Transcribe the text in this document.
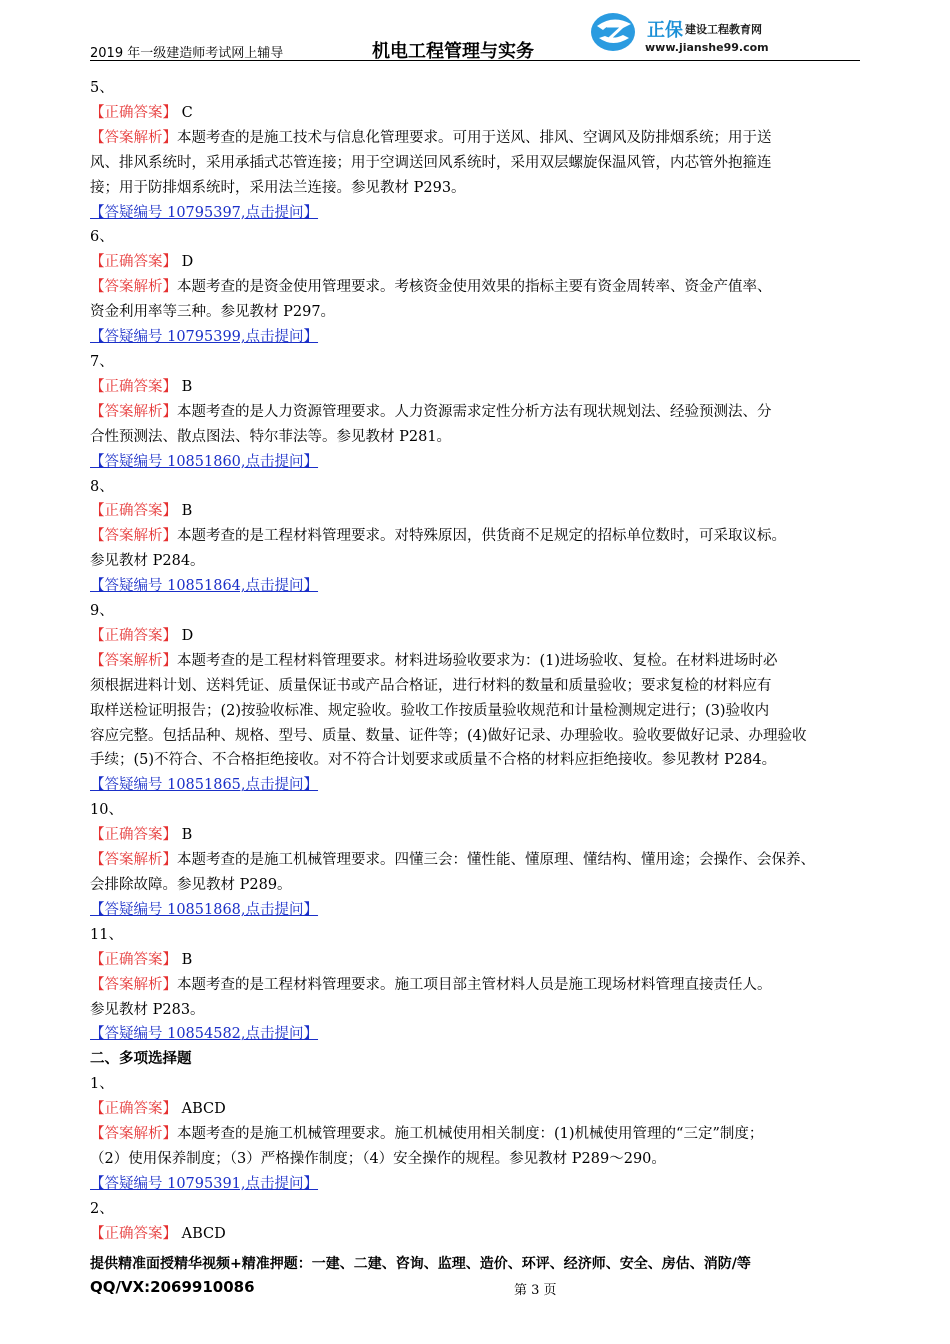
2019 年一级建造师考试网上辅导	机电工程管理与实务
正保 建设工程教育网
www.jianshe99.com
5、
【正确答案】 C
【答案解析】本题考查的是施工技术与信息化管理要求。可用于送风、排风、空调风及防排烟系统；用于送
风、排风系统时，采用承插式芯管连接；用于空调送回风系统时，采用双层螺旋保温风管，内芯管外抱箍连
接；用于防排烟系统时，采用法兰连接。参见教材 P293。
【答疑编号 10795397,点击提问】
6、
【正确答案】 D
【答案解析】本题考查的是资金使用管理要求。考核资金使用效果的指标主要有资金周转率、资金产值率、
资金利用率等三种。参见教材 P297。
【答疑编号 10795399,点击提问】
7、
【正确答案】 B
【答案解析】本题考查的是人力资源管理要求。人力资源需求定性分析方法有现状规划法、经验预测法、分
合性预测法、散点图法、特尔菲法等。参见教材 P281。
【答疑编号 10851860,点击提问】
8、
【正确答案】 B
【答案解析】本题考查的是工程材料管理要求。对特殊原因，供货商不足规定的招标单位数时，可采取议标。
参见教材 P284。
【答疑编号 10851864,点击提问】
9、
【正确答案】 D
【答案解析】本题考查的是工程材料管理要求。材料进场验收要求为：(1)进场验收、复检。在材料进场时必
须根据进料计划、送料凭证、质量保证书或产品合格证，进行材料的数量和质量验收；要求复检的材料应有
取样送检证明报告；(2)按验收标准、规定验收。验收工作按质量验收规范和计量检测规定进行；(3)验收内
容应完整。包括品种、规格、型号、质量、数量、证件等；(4)做好记录、办理验收。验收要做好记录、办理验收
手续；(5)不符合、不合格拒绝接收。对不符合计划要求或质量不合格的材料应拒绝接收。参见教材 P284。
【答疑编号 10851865,点击提问】
10、
【正确答案】 B
【答案解析】本题考查的是施工机械管理要求。四懂三会：懂性能、懂原理、懂结构、懂用途；会操作、会保养、
会排除故障。参见教材 P289。
【答疑编号 10851868,点击提问】
11、
【正确答案】 B
【答案解析】本题考查的是工程材料管理要求。施工项目部主管材料人员是施工现场材料管理直接责任人。
参见教材 P283。
【答疑编号 10854582,点击提问】
二、多项选择题
1、
【正确答案】 ABCD
【答案解析】本题考查的是施工机械管理要求。施工机械使用相关制度：(1)机械使用管理的“三定”制度；
（2）使用保养制度；（3）严格操作制度；（4）安全操作的规程。参见教材 P289～290。
【答疑编号 10795391,点击提问】
2、
【正确答案】 ABCD
提供精准面授精华视频+精准押题：一建、二建、咨询、监理、造价、环评、经济师、安全、房估、消防/等
QQ/VX:2069910086	第 3 页
